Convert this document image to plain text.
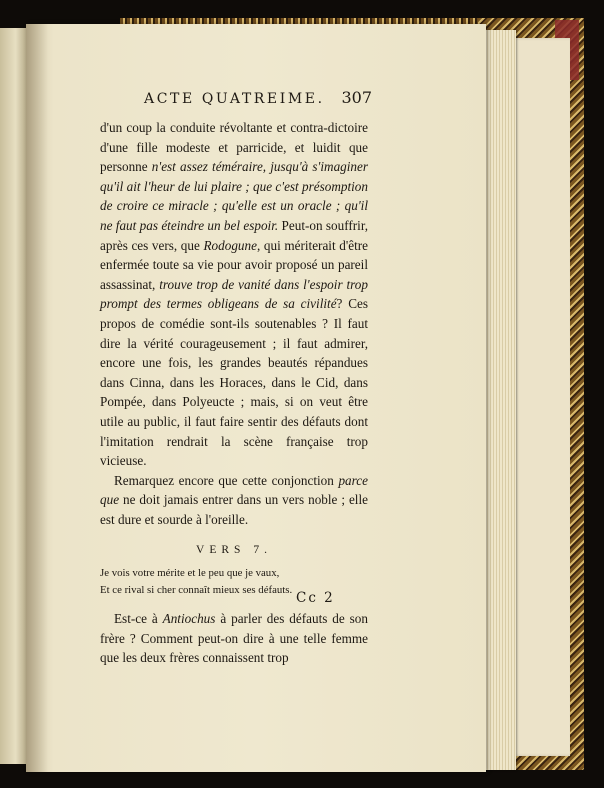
ACTE QUATREIME. 307

d'un coup la conduite révoltante et contra-dictoire d'une fille modeste et parricide, et luidit que personne n'est assez téméraire, jusqu'à s'imaginer qu'il ait l'heur de lui plaire ; que c'est présomption de croire ce miracle ; qu'elle est un oracle ; qu'il ne faut pas éteindre un bel espoir. Peut-on souffrir, après ces vers, que Rodogune, qui mériterait d'être enfermée toute sa vie pour avoir proposé un pareil assassinat, trouve trop de vanité dans l'espoir trop prompt des termes obligeans de sa civilité? Ces propos de comédie sont-ils soutenables ? Il faut dire la vérité courageusement ; il faut admirer, encore une fois, les grandes beautés répandues dans Cinna, dans les Horaces, dans le Cid, dans Pompée, dans Polyeucte ; mais, si on veut être utile au public, il faut faire sentir des défauts dont l'imitation rendrait la scène française trop vicieuse.

Remarquez encore que cette conjonction parce que ne doit jamais entrer dans un vers noble ; elle est dure et sourde à l'oreille.

VERS 7.
Je vois votre mérite et le peu que je vaux,
Et ce rival si cher connaît mieux ses défauts.

Est-ce à Antiochus à parler des défauts de son frère ? Comment peut-on dire à une telle femme que les deux frères connaissent trop

Cc 2
